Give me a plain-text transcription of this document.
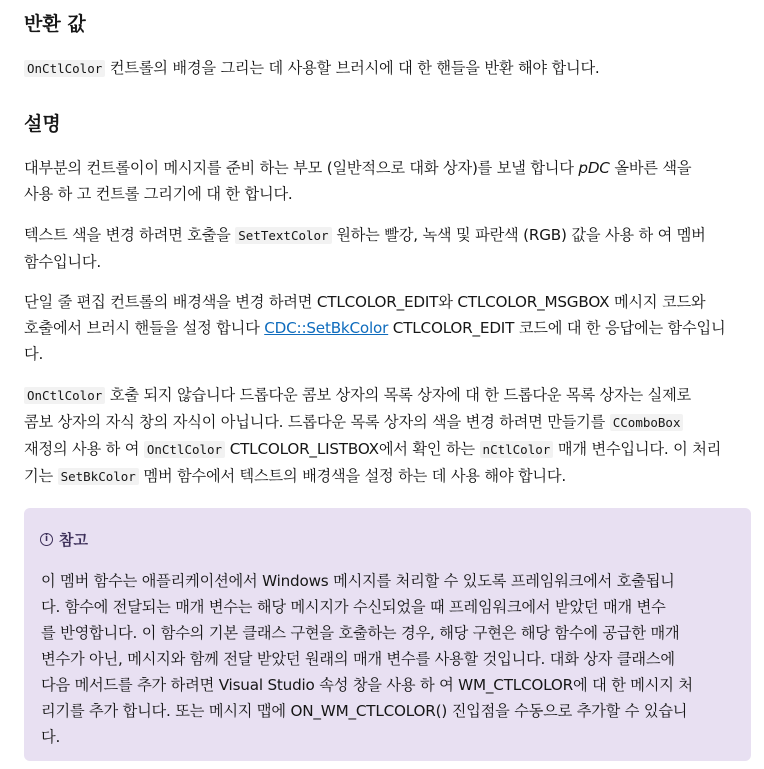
반환 값

OnCtlColor 컨트롤의 배경을 그리는 데 사용할 브러시에 대 한 핸들을 반환 해야 합니다.

설명

대부분의 컨트롤이이 메시지를 준비 하는 부모 (일반적으로 대화 상자)를 보낼 합니다 pDC 올바른 색을
사용 하 고 컨트롤 그리기에 대 한 합니다.

텍스트 색을 변경 하려면 호출을 SetTextColor 원하는 빨강, 녹색 및 파란색 (RGB) 값을 사용 하 여 멤버
함수입니다.

단일 줄 편집 컨트롤의 배경색을 변경 하려면 CTLCOLOR_EDIT와 CTLCOLOR_MSGBOX 메시지 코드와
호출에서 브러시 핸들을 설정 합니다 CDC::SetBkColor CTLCOLOR_EDIT 코드에 대 한 응답에는 함수입니
다.

OnCtlColor 호출 되지 않습니다 드롭다운 콤보 상자의 목록 상자에 대 한 드롭다운 목록 상자는 실제로
콤보 상자의 자식 창의 자식이 아닙니다. 드롭다운 목록 상자의 색을 변경 하려면 만들기를 CComboBox
재정의 사용 하 여 OnCtlColor CTLCOLOR_LISTBOX에서 확인 하는 nCtlColor 매개 변수입니다. 이 처리
기는 SetBkColor 멤버 함수에서 텍스트의 배경색을 설정 하는 데 사용 해야 합니다.

i 참고
이 멤버 함수는 애플리케이션에서 Windows 메시지를 처리할 수 있도록 프레임워크에서 호출됩니
다. 함수에 전달되는 매개 변수는 해당 메시지가 수신되었을 때 프레임워크에서 받았던 매개 변수
를 반영합니다. 이 함수의 기본 클래스 구현을 호출하는 경우, 해당 구현은 해당 함수에 공급한 매개
변수가 아닌, 메시지와 함께 전달 받았던 원래의 매개 변수를 사용할 것입니다. 대화 상자 클래스에
다음 메서드를 추가 하려면 Visual Studio 속성 창을 사용 하 여 WM_CTLCOLOR에 대 한 메시지 처
리기를 추가 합니다. 또는 메시지 맵에 ON_WM_CTLCOLOR() 진입점을 수동으로 추가할 수 있습니
다.
